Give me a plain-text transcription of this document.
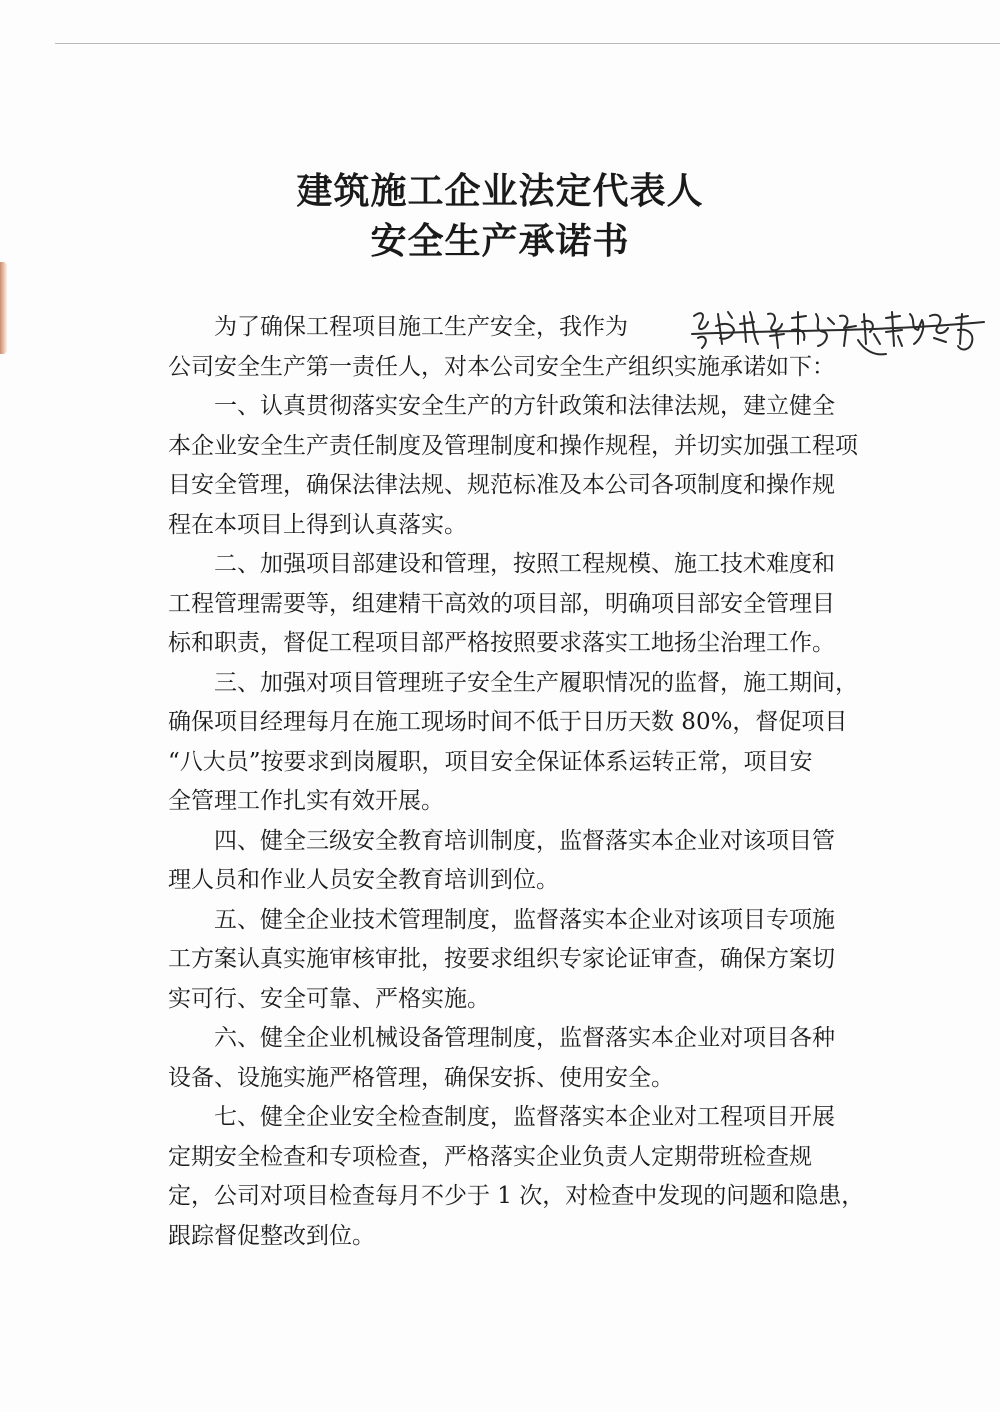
建筑施工企业法定代表人
安全生产承诺书

为了确保工程项目施工生产安全，我作为
公司安全生产第一责任人，对本公司安全生产组织实施承诺如下：

一、认真贯彻落实安全生产的方针政策和法律法规，建立健全
本企业安全生产责任制度及管理制度和操作规程，并切实加强工程项
目安全管理，确保法律法规、规范标准及本公司各项制度和操作规
程在本项目上得到认真落实。

二、加强项目部建设和管理，按照工程规模、施工技术难度和
工程管理需要等，组建精干高效的项目部，明确项目部安全管理目
标和职责，督促工程项目部严格按照要求落实工地扬尘治理工作。

三、加强对项目管理班子安全生产履职情况的监督，施工期间，
确保项目经理每月在施工现场时间不低于日历天数 80%，督促项目
“八大员”按要求到岗履职，项目安全保证体系运转正常，项目安
全管理工作扎实有效开展。

四、健全三级安全教育培训制度，监督落实本企业对该项目管
理人员和作业人员安全教育培训到位。

五、健全企业技术管理制度，监督落实本企业对该项目专项施
工方案认真实施审核审批，按要求组织专家论证审查，确保方案切
实可行、安全可靠、严格实施。

六、健全企业机械设备管理制度，监督落实本企业对项目各种
设备、设施实施严格管理，确保安拆、使用安全。

七、健全企业安全检查制度，监督落实本企业对工程项目开展
定期安全检查和专项检查，严格落实企业负责人定期带班检查规
定，公司对项目检查每月不少于 1 次，对检查中发现的问题和隐患，
跟踪督促整改到位。
